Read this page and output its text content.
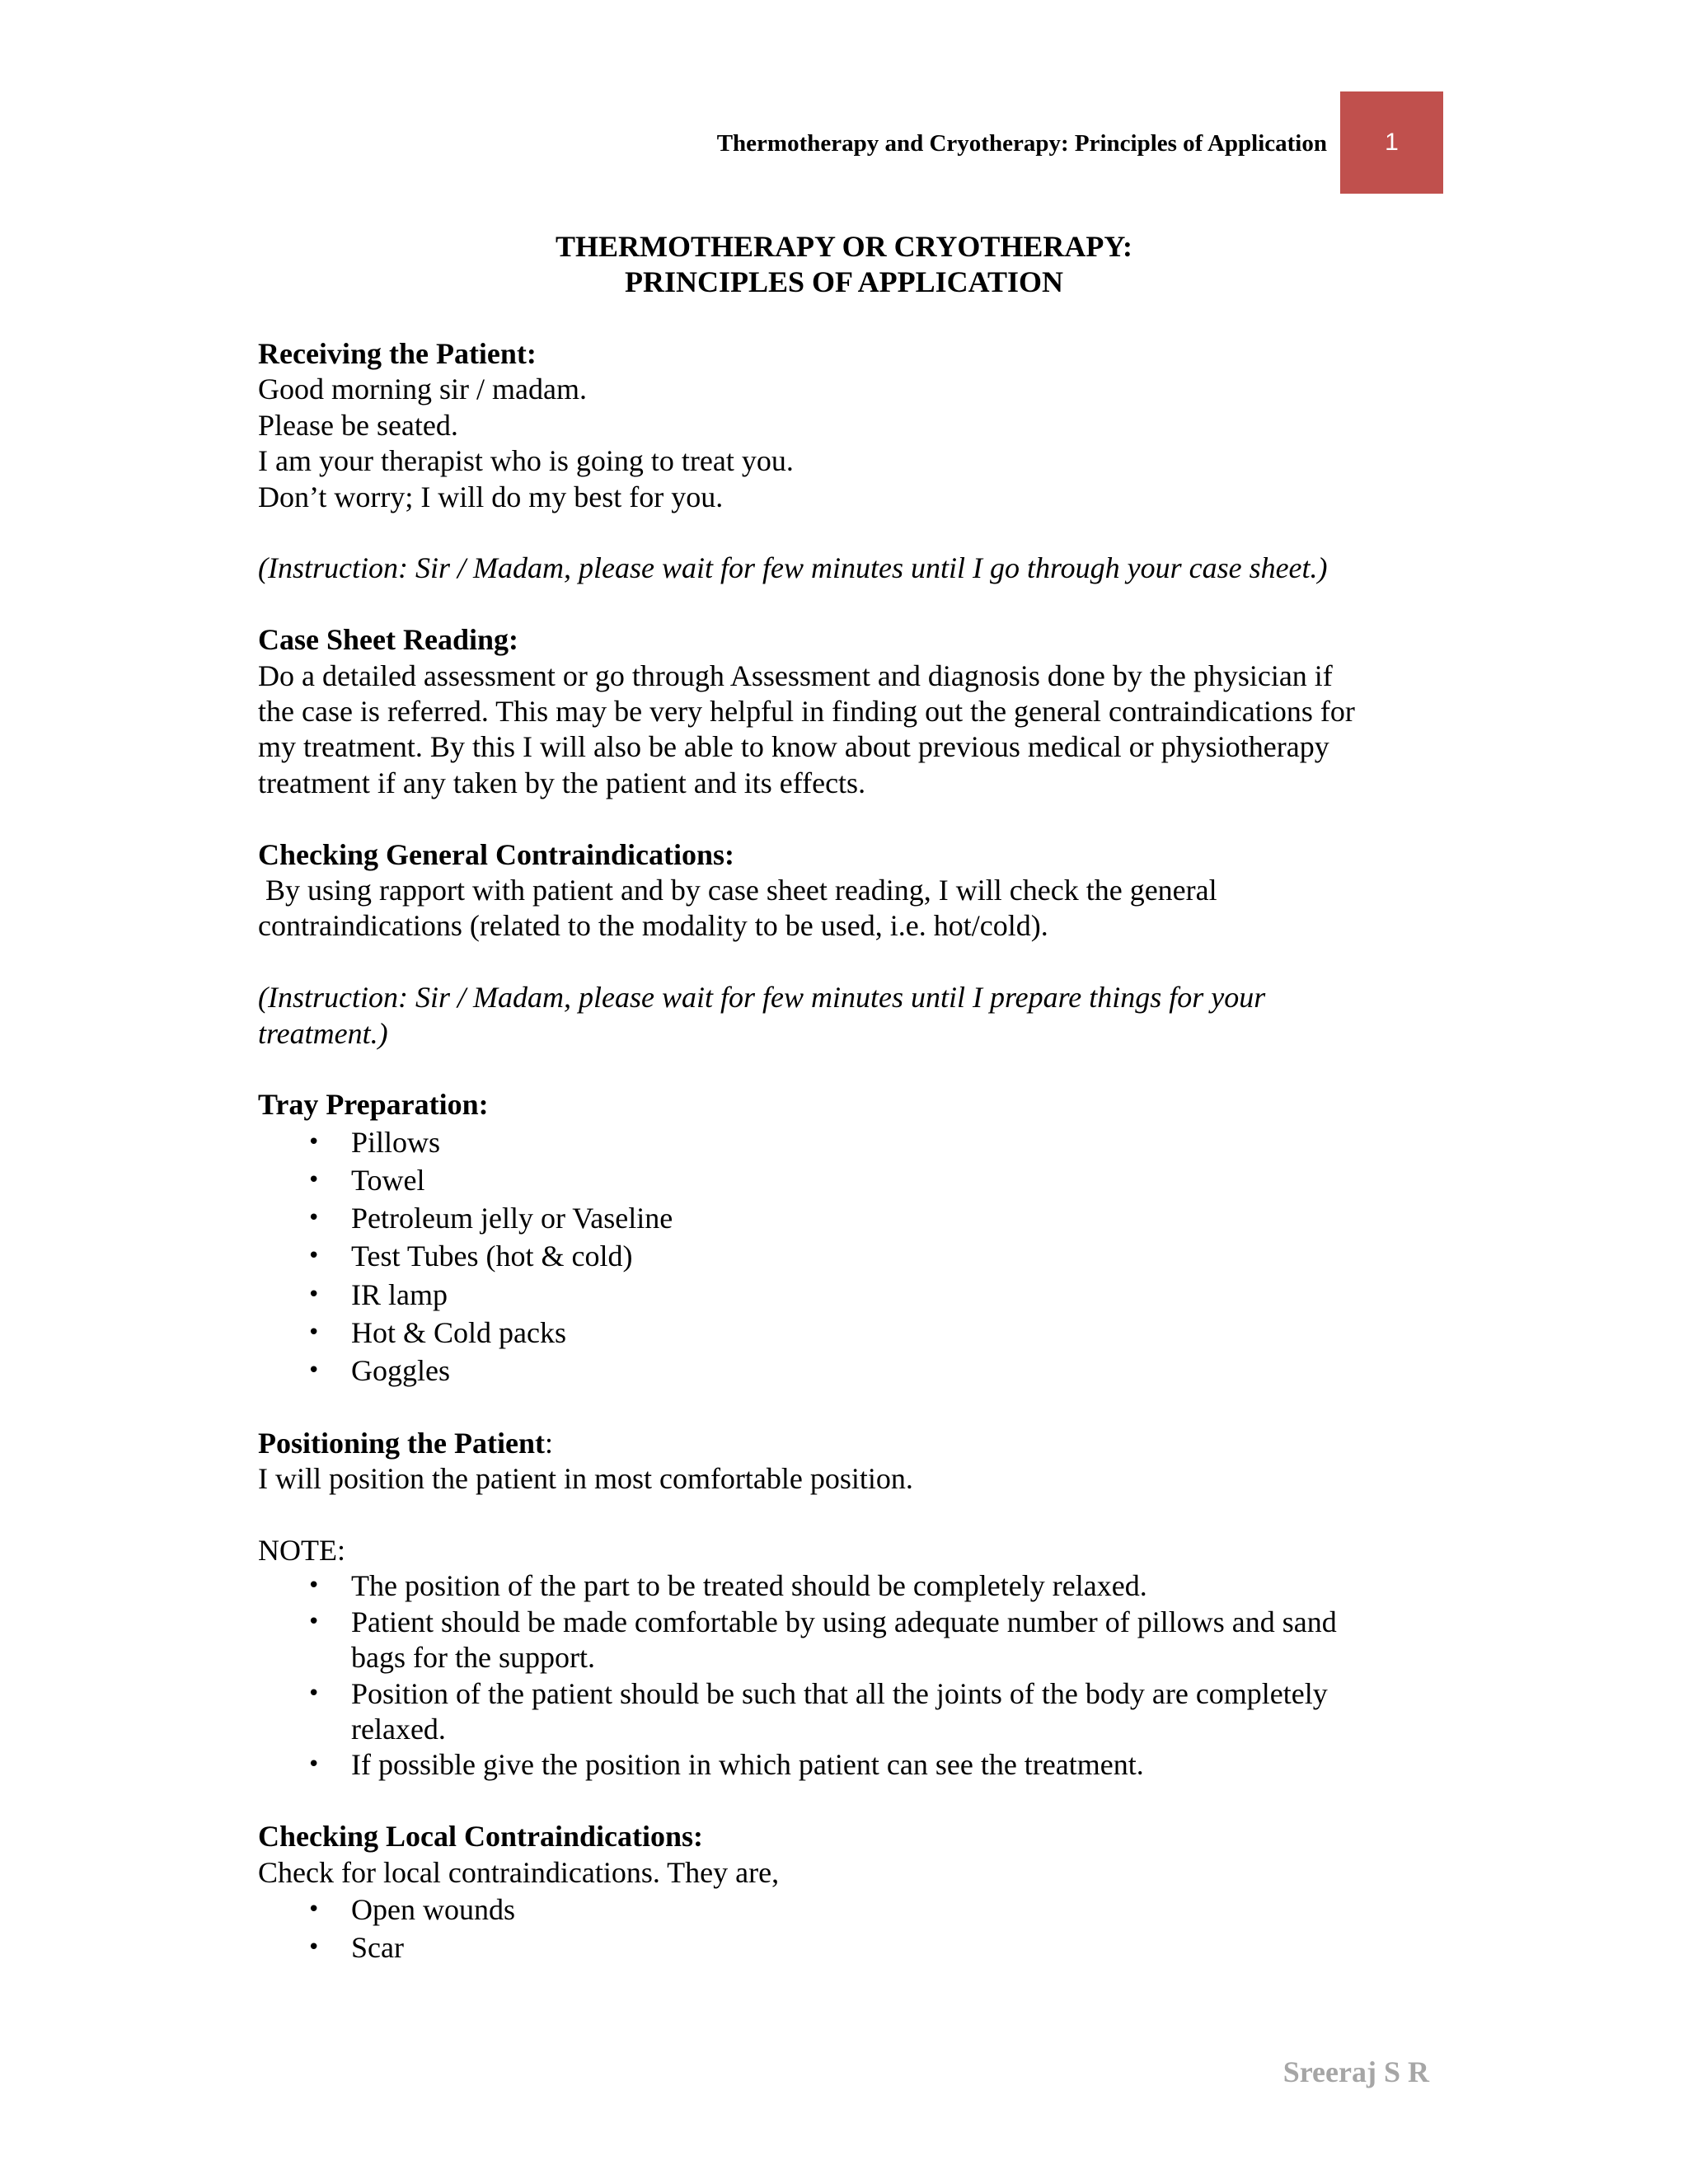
Thermotherapy and Cryotherapy: Principles of Application	1
THERMOTHERAPY OR CRYOTHERAPY:
PRINCIPLES OF APPLICATION
Receiving the Patient:
Good morning sir / madam.
Please be seated.
I am your therapist who is going to treat you.
Don’t worry; I will do my best for you.
(Instruction: Sir / Madam, please wait for few minutes until I go through your case sheet.)
Case Sheet Reading:
Do a detailed assessment or go through Assessment and diagnosis done by the physician if
the case is referred. This may be very helpful in finding out the general contraindications for
my treatment. By this I will also be able to know about previous medical or physiotherapy
treatment if any taken by the patient and its effects.
Checking General Contraindications:
By using rapport with patient and by case sheet reading, I will check the general
contraindications (related to the modality to be used, i.e. hot/cold).
(Instruction: Sir / Madam, please wait for few minutes until I prepare things for your
treatment.)
Tray Preparation:
• Pillows
• Towel
• Petroleum jelly or Vaseline
• Test Tubes (hot & cold)
• IR lamp
• Hot & Cold packs
• Goggles
Positioning the Patient:
I will position the patient in most comfortable position.
NOTE:
• The position of the part to be treated should be completely relaxed.
• Patient should be made comfortable by using adequate number of pillows and sand
bags for the support.
• Position of the patient should be such that all the joints of the body are completely
relaxed.
• If possible give the position in which patient can see the treatment.
Checking Local Contraindications:
Check for local contraindications. They are,
• Open wounds
• Scar
Sreeraj S R
